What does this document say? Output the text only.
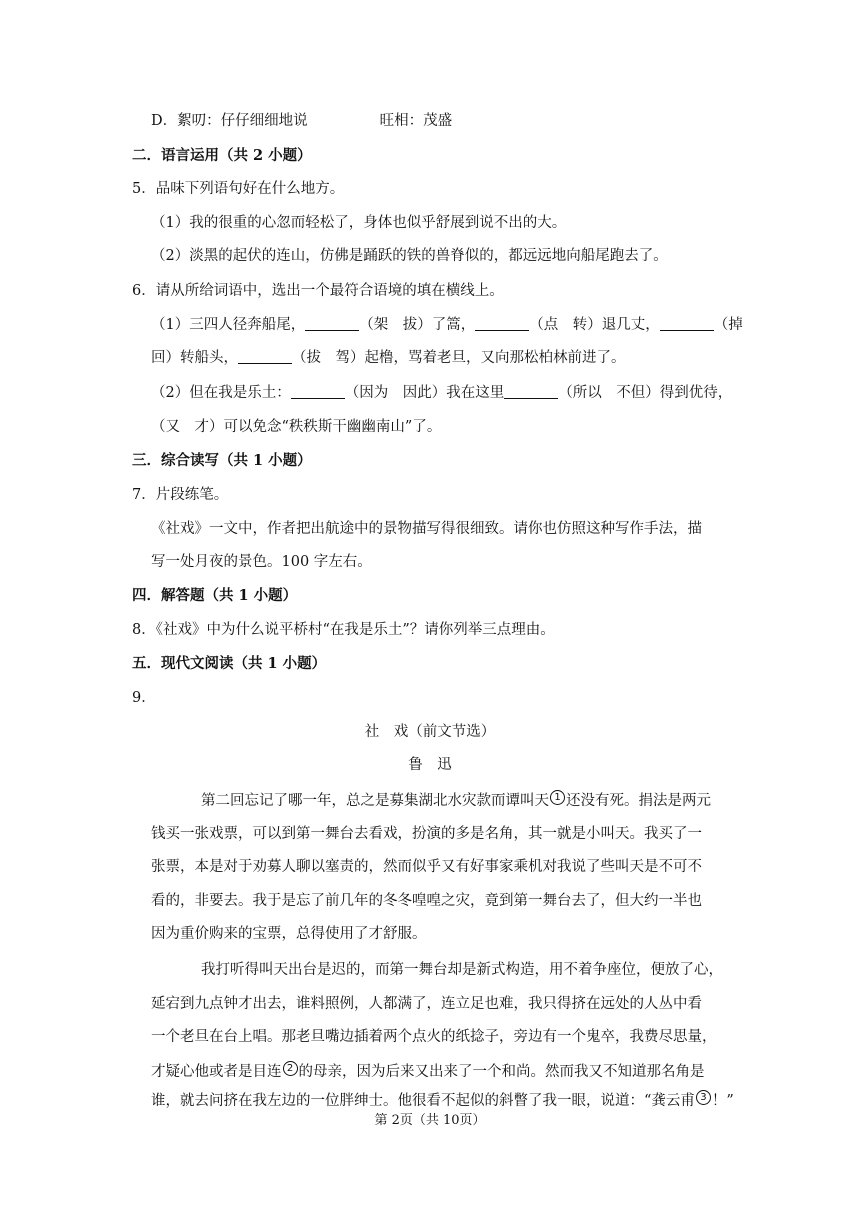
D．絮叨：仔仔细细地说	旺相：茂盛
二．语言运用（共 2 小题）
5．品味下列语句好在什么地方。
（1）我的很重的心忽而轻松了，身体也似乎舒展到说不出的大。
（2）淡黑的起伏的连山，仿佛是踊跃的铁的兽脊似的，都远远地向船尾跑去了。
6．请从所给词语中，选出一个最符合语境的填在横线上。
（1）三四人径奔船尾，	（架　拔）了篙，	（点　转）退几丈，	（掉
回）转船头，	（拔　驾）起橹，骂着老旦，又向那松柏林前进了。
（2）但在我是乐土：	（因为　因此）我在这里	（所以　不但）得到优待，
（又　才）可以免念“秩秩斯干幽幽南山”了。
三．综合读写（共 1 小题）
7．片段练笔。
《社戏》一文中，作者把出航途中的景物描写得很细致。请你也仿照这种写作手法，描
写一处月夜的景色。100 字左右。
四．解答题（共 1 小题）
8．《社戏》中为什么说平桥村“在我是乐土”？请你列举三点理由。
五．现代文阅读（共 1 小题）
9．
社　戏（前文节选）
鲁　迅
第二回忘记了哪一年，总之是募集湖北水灾款而谭叫天 1 还没有死。捐法是两元
钱买一张戏票，可以到第一舞台去看戏，扮演的多是名角，其一就是小叫天。我买了一
张票，本是对于劝募人聊以塞责的，然而似乎又有好事家乘机对我说了些叫天是不可不
看的，非要去。我于是忘了前几年的冬冬喤喤之灾，竟到第一舞台去了，但大约一半也
因为重价购来的宝票，总得使用了才舒服。
我打听得叫天出台是迟的，而第一舞台却是新式构造，用不着争座位，便放了心，
延宕到九点钟才出去，谁料照例，人都满了，连立足也难，我只得挤在远处的人丛中看
一个老旦在台上唱。那老旦嘴边插着两个点火的纸捻子，旁边有一个鬼卒，我费尽思量，
才疑心他或者是目连 2 的母亲，因为后来又出来了一个和尚。然而我又不知道那名角是
谁，就去问挤在我左边的一位胖绅士。他很看不起似的斜瞥了我一眼，说道：“龚云甫 3 ！”
第 2页（共 10页）
